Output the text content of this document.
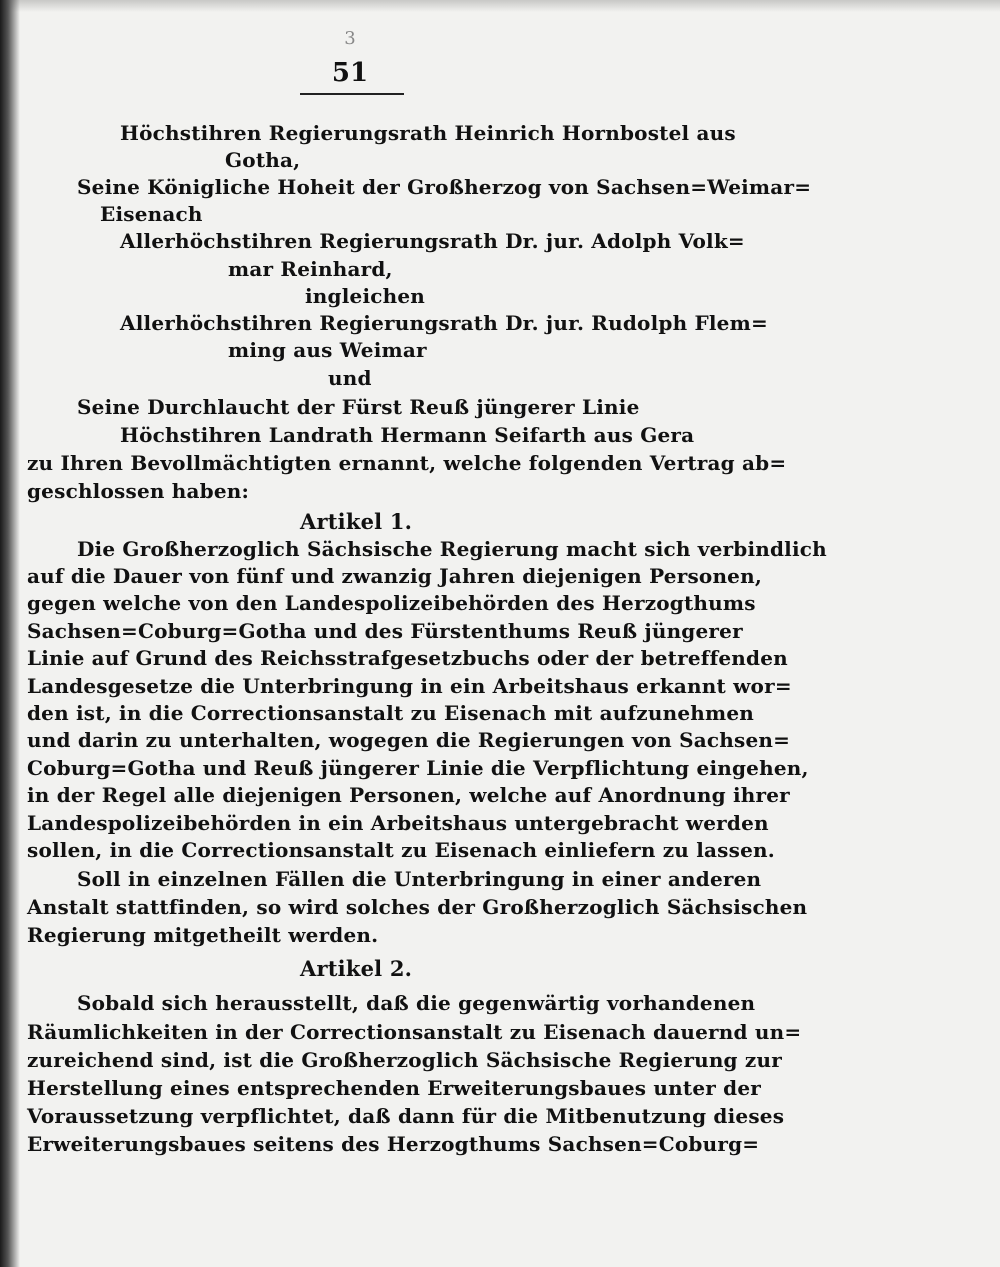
3
51
Höchstihren Regierungsrath Heinrich Hornbostel aus
Gotha,
Seine Königliche Hoheit der Großherzog von Sachsen=Weimar=
Eisenach
Allerhöchstihren Regierungsrath Dr. jur. Adolph Volk=
mar Reinhard,
ingleichen
Allerhöchstihren Regierungsrath Dr. jur. Rudolph Flem=
ming aus Weimar
und
Seine Durchlaucht der Fürst Reuß jüngerer Linie
Höchstihren Landrath Hermann Seifarth aus Gera
zu Ihren Bevollmächtigten ernannt, welche folgenden Vertrag ab=
geschlossen haben:
Artikel 1.
Die Großherzoglich Sächsische Regierung macht sich verbindlich
auf die Dauer von fünf und zwanzig Jahren diejenigen Personen,
gegen welche von den Landespolizeibehörden des Herzogthums
Sachsen=Coburg=Gotha und des Fürstenthums Reuß jüngerer
Linie auf Grund des Reichsstrafgesetzbuchs oder der betreffenden
Landesgesetze die Unterbringung in ein Arbeitshaus erkannt wor=
den ist, in die Correctionsanstalt zu Eisenach mit aufzunehmen
und darin zu unterhalten, wogegen die Regierungen von Sachsen=
Coburg=Gotha und Reuß jüngerer Linie die Verpflichtung eingehen,
in der Regel alle diejenigen Personen, welche auf Anordnung ihrer
Landespolizeibehörden in ein Arbeitshaus untergebracht werden
sollen, in die Correctionsanstalt zu Eisenach einliefern zu lassen.
Soll in einzelnen Fällen die Unterbringung in einer anderen
Anstalt stattfinden, so wird solches der Großherzoglich Sächsischen
Regierung mitgetheilt werden.
Artikel 2.
Sobald sich herausstellt, daß die gegenwärtig vorhandenen
Räumlichkeiten in der Correctionsanstalt zu Eisenach dauernd un=
zureichend sind, ist die Großherzoglich Sächsische Regierung zur
Herstellung eines entsprechenden Erweiterungsbaues unter der
Voraussetzung verpflichtet, daß dann für die Mitbenutzung dieses
Erweiterungsbaues seitens des Herzogthums Sachsen=Coburg=
